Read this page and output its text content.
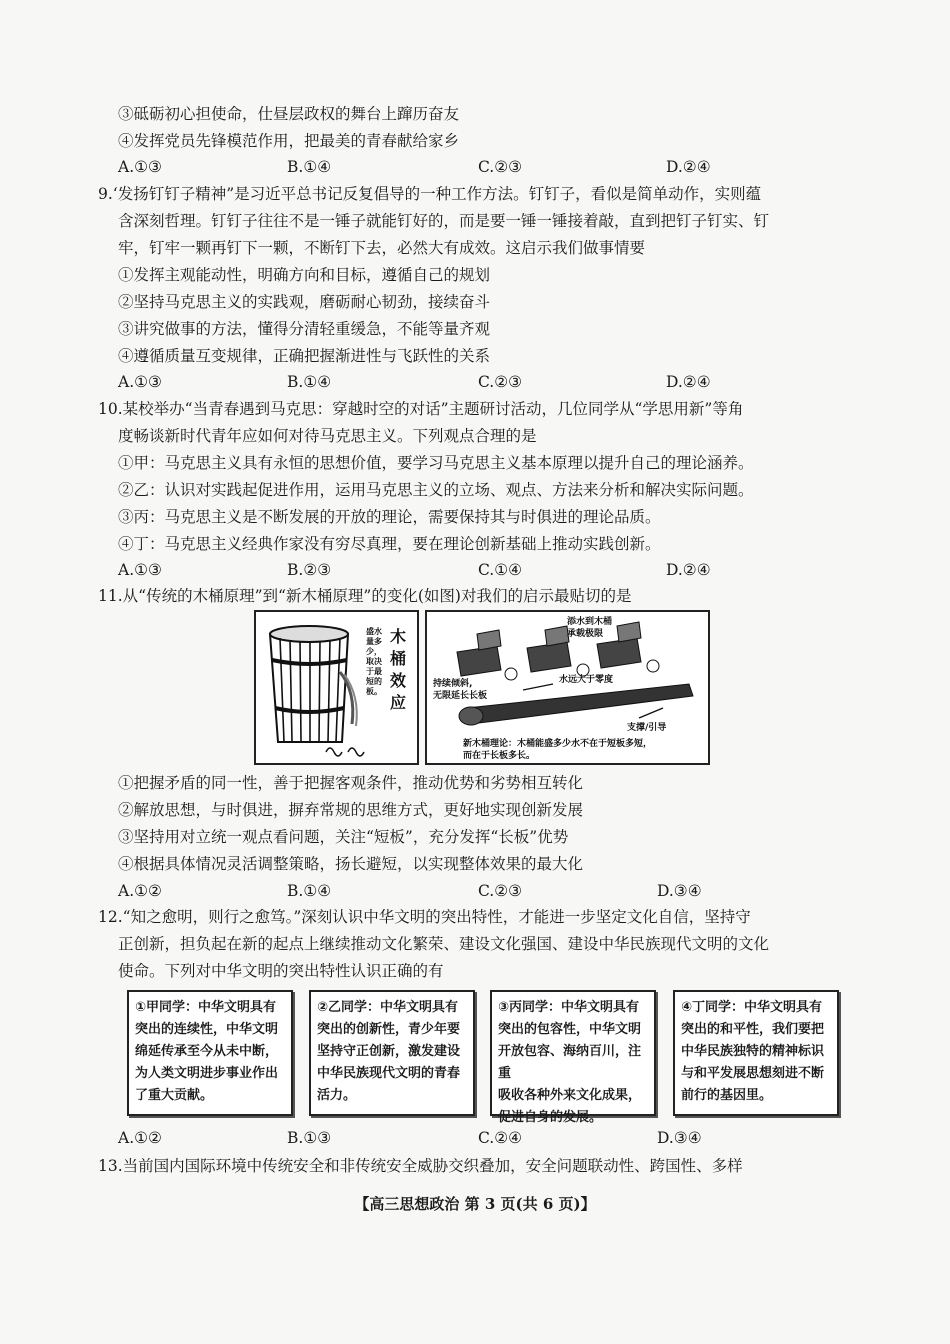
③砥砺初心担使命，仕昼层政权的舞台上蹿历奋友
④发挥党员先锋模范作用，把最美的青春献给家乡
A.①③	B.①④	C.②③	D.②④
9.‘发扬钉钉子精神”是习近平总书记反复倡导的一种工作方法。钉钉子，看似是简单动作，实则蕴
含深刻哲理。钉钉子往往不是一锤子就能钉好的，而是要一锤一锤接着敲，直到把钉子钉实、钉
牢，钉牢一颗再钉下一颗，不断钉下去，必然大有成效。这启示我们做事情要
①发挥主观能动性，明确方向和目标，遵循自己的规划
②坚持马克思主义的实践观，磨砺耐心韧劲，接续奋斗
③讲究做事的方法，懂得分清轻重缓急，不能等量齐观
④遵循质量互变规律，正确把握渐进性与飞跃性的关系
A.①③	B.①④	C.②③	D.②④
10.某校举办“当青春遇到马克思：穿越时空的对话”主题研讨活动，几位同学从“学思用新”等角
度畅谈新时代青年应如何对待马克思主义。下列观点合理的是
①甲：马克思主义具有永恒的思想价值，要学习马克思主义基本原理以提升自己的理论涵养。
②乙：认识对实践起促进作用，运用马克思主义的立场、观点、方法来分析和解决实际问题。
③丙：马克思主义是不断发展的开放的理论，需要保持其与时俱进的理论品质。
④丁：马克思主义经典作家没有穷尽真理，要在理论创新基础上推动实践创新。
A.①③	B.②③	C.①④	D.②④
11.从“传统的木桶原理”到“新木桶原理”的变化(如图)对我们的启示最贴切的是
木
桶
效
应
盛水
量多
少，
取决
于最
短的
板。
添水到木桶
承载极限
持续倾斜,
无限延长长板
水远大于零度
支撑/引导
新木桶理论：木桶能盛多少水不在于短板多短，
而在于长板多长。
①把握矛盾的同一性，善于把握客观条件，推动优势和劣势相互转化
②解放思想，与时俱进，摒弃常规的思维方式，更好地实现创新发展
③坚持用对立统一观点看问题，关注“短板”，充分发挥“长板”优势
④根据具体情况灵活调整策略，扬长避短，以实现整体效果的最大化
A.①②	B.①④	C.②③	D.③④
12.“知之愈明，则行之愈笃。”深刻认识中华文明的突出特性，才能进一步坚定文化自信，坚持守
正创新，担负起在新的起点上继续推动文化繁荣、建设文化强国、建设中华民族现代文明的文化
使命。下列对中华文明的突出特性认识正确的有
①甲同学：中华文明具有
突出的连续性，中华文明
绵延传承至今从未中断，
为人类文明进步事业作出
了重大贡献。
②乙同学：中华文明具有
突出的创新性，青少年要
坚持守正创新，激发建设
中华民族现代文明的青春
活力。
③丙同学：中华文明具有
突出的包容性，中华文明
开放包容、海纳百川，注重
吸收各种外来文化成果，
促进自身的发展。
④丁同学：中华文明具有
突出的和平性，我们要把
中华民族独特的精神标识
与和平发展思想刻进不断
前行的基因里。
A.①②	B.①③	C.②④	D.③④
13.当前国内国际环境中传统安全和非传统安全威胁交织叠加，安全问题联动性、跨国性、多样
【高三思想政治 第 3 页(共 6 页)】
